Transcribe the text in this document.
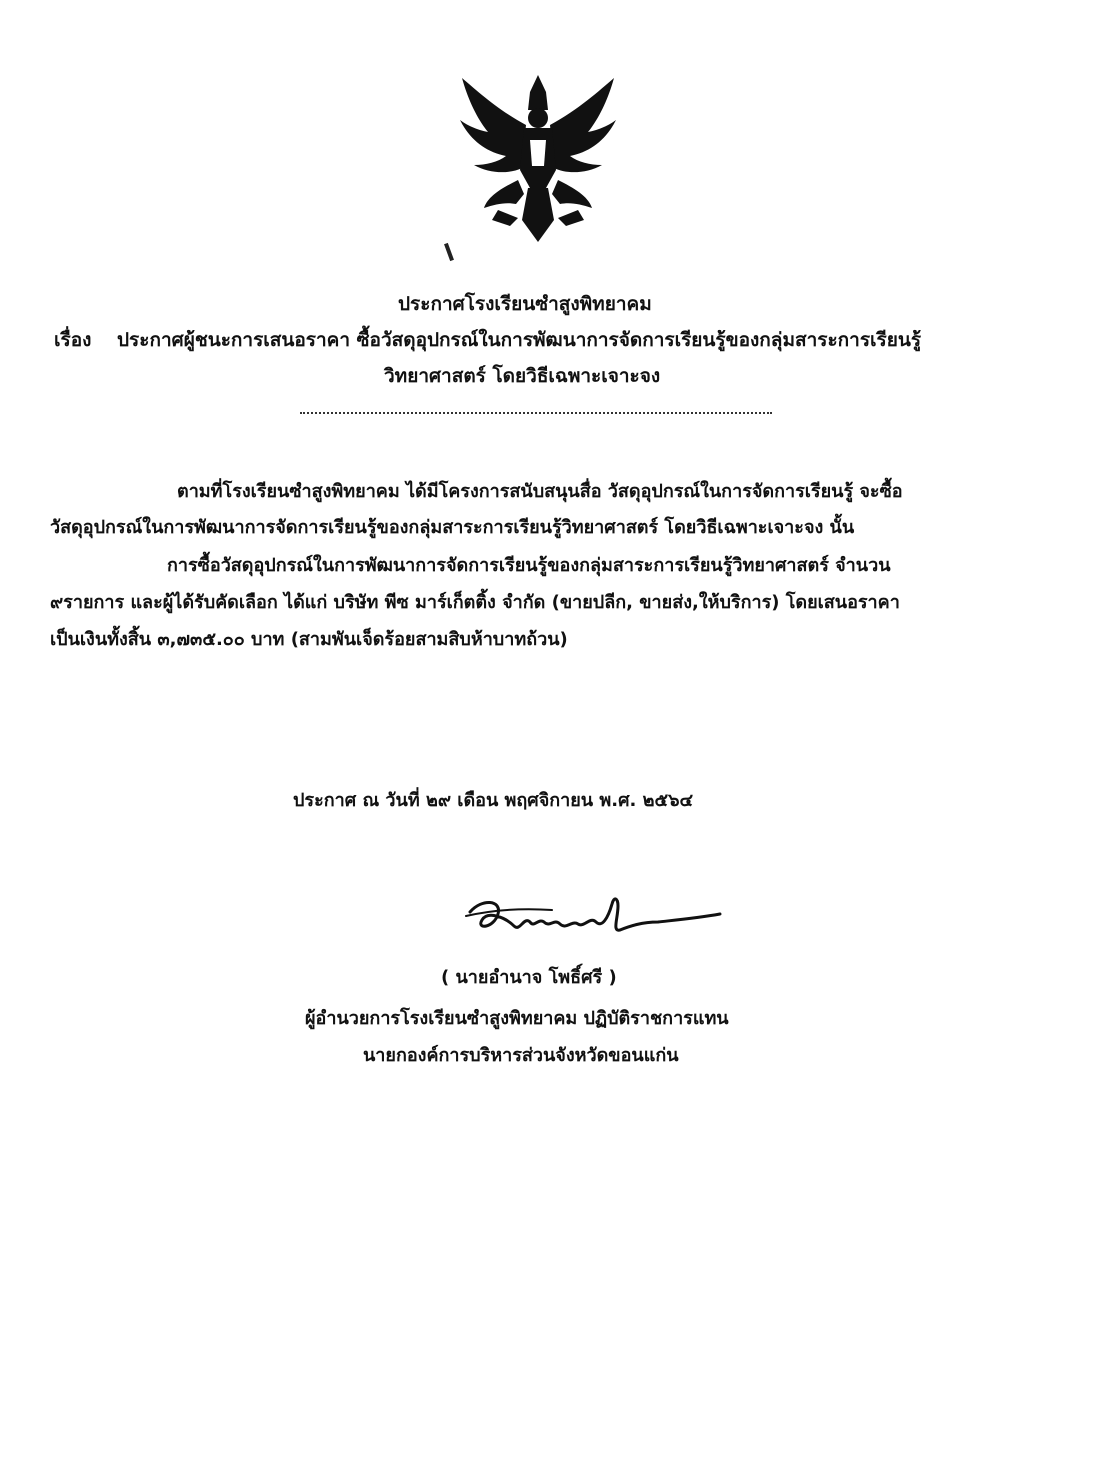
ประกาศโรงเรียนซำสูงพิทยาคม
เรื่อง ประกาศผู้ชนะการเสนอราคา ซื้อวัสดุอุปกรณ์ในการพัฒนาการจัดการเรียนรู้ของกลุ่มสาระการเรียนรู้
วิทยาศาสตร์ โดยวิธีเฉพาะเจาะจง
ตามที่โรงเรียนซำสูงพิทยาคม ได้มีโครงการสนับสนุนสื่อ วัสดุอุปกรณ์ในการจัดการเรียนรู้ จะซื้อ
วัสดุอุปกรณ์ในการพัฒนาการจัดการเรียนรู้ของกลุ่มสาระการเรียนรู้วิทยาศาสตร์ โดยวิธีเฉพาะเจาะจง นั้น
การซื้อวัสดุอุปกรณ์ในการพัฒนาการจัดการเรียนรู้ของกลุ่มสาระการเรียนรู้วิทยาศาสตร์ จำนวน
๙รายการ และผู้ได้รับคัดเลือก ได้แก่ บริษัท พีซ มาร์เก็ตติ้ง จำกัด (ขายปลีก, ขายส่ง,ให้บริการ) โดยเสนอราคา
เป็นเงินทั้งสิ้น ๓,๗๓๕.๐๐ บาท (สามพันเจ็ดร้อยสามสิบห้าบาทถ้วน)
ประกาศ ณ วันที่ ๒๙ เดือน พฤศจิกายน พ.ศ. ๒๕๖๔
( นายอำนาจ โพธิ์ศรี )
ผู้อำนวยการโรงเรียนซำสูงพิทยาคม ปฏิบัติราชการแทน
นายกองค์การบริหารส่วนจังหวัดขอนแก่น
